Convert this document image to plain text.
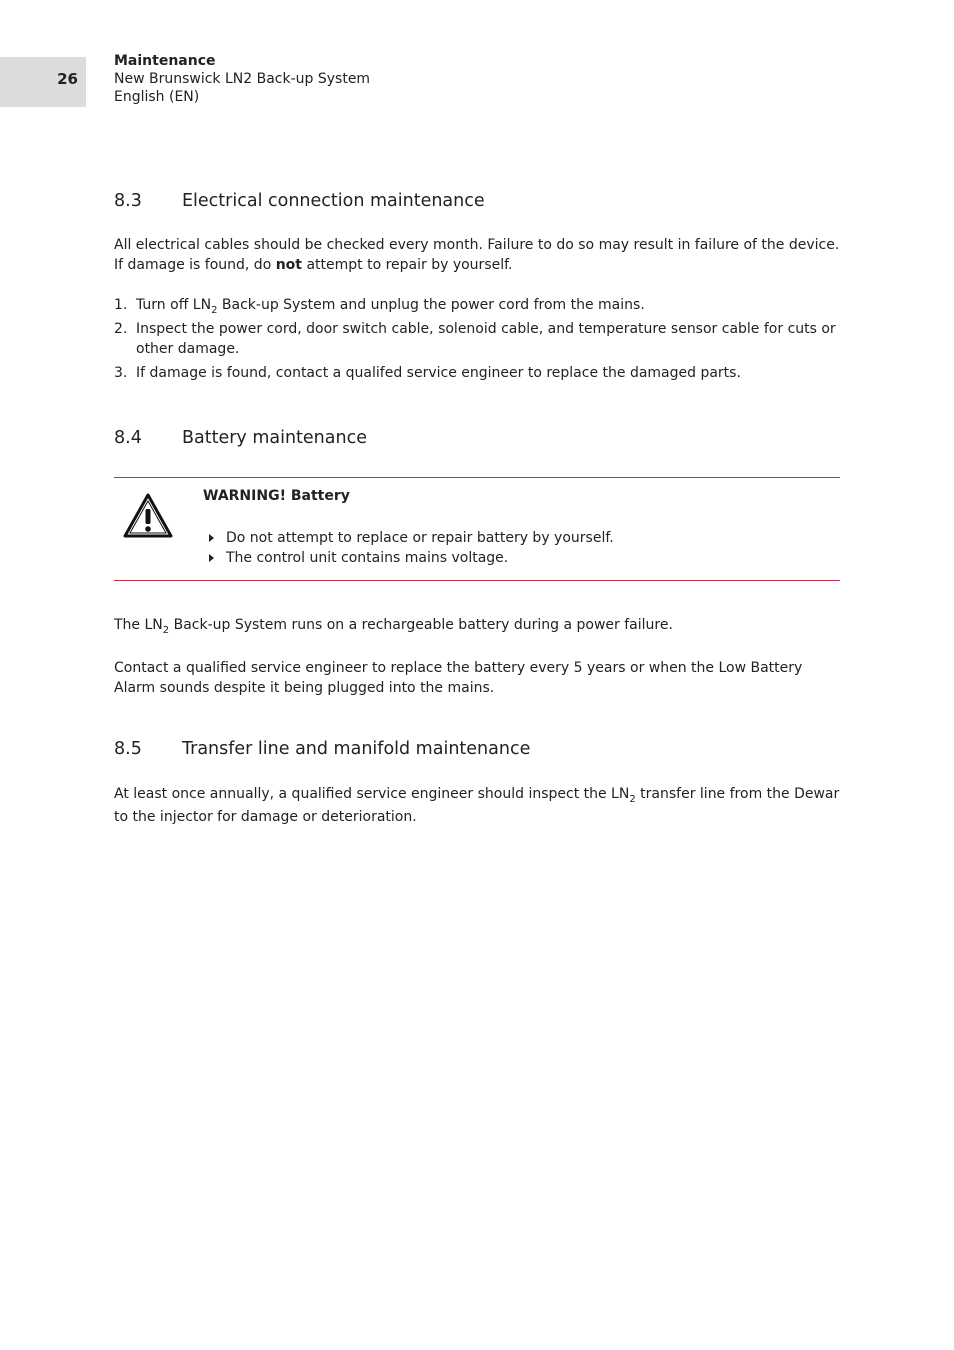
26
Maintenance
New Brunswick LN2 Back-up System
English (EN)
8.3 Electrical connection maintenance
All electrical cables should be checked every month. Failure to do so may result in failure of the device. If damage is found, do not attempt to repair by yourself.
1. Turn off $LN_2$ Back-up System and unplug the power cord from the mains.
2. Inspect the power cord, door switch cable, solenoid cable, and temperature sensor cable for cuts or other damage.
3. If damage is found, contact a qualifed service engineer to replace the damaged parts.
8.4 Battery maintenance
WARNING! Battery
Do not attempt to replace or repair battery by yourself.
The control unit contains mains voltage.
The $LN_2$ Back-up System runs on a rechargeable battery during a power failure.
Contact a qualified service engineer to replace the battery every 5 years or when the Low Battery Alarm sounds despite it being plugged into the mains.
8.5 Transfer line and manifold maintenance
At least once annually, a qualified service engineer should inspect the $LN_2$ transfer line from the Dewar to the injector for damage or deterioration.
